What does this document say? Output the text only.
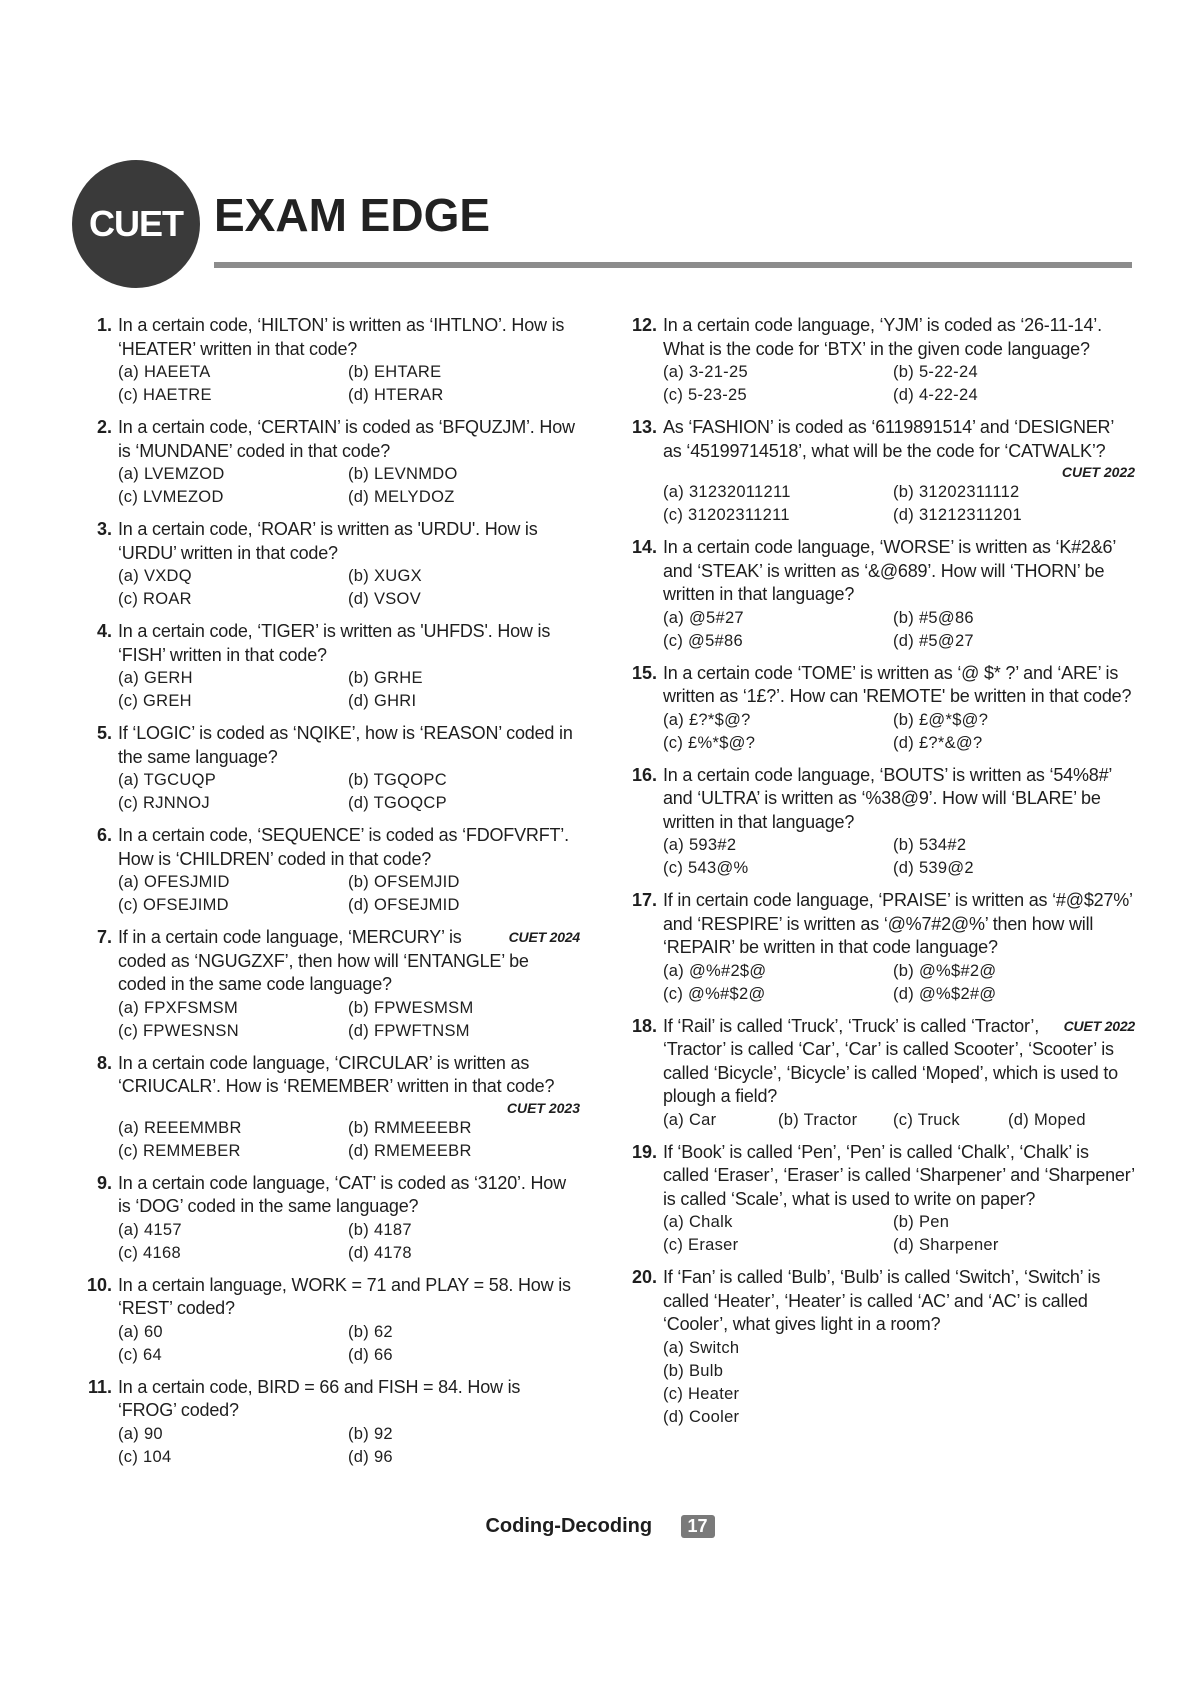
CUET EXAM EDGE
1. In a certain code, ‘HILTON’ is written as ‘IHTLNO’. How is ‘HEATER’ written in that code?
(a) HAEETA	(b) EHTARE
(c) HAETRE	(d) HTERAR
2. In a certain code, ‘CERTAIN’ is coded as ‘BFQUZJM’. How is ‘MUNDANE’ coded in that code?
(a) LVEMZOD	(b) LEVNMDO
(c) LVMEZOD	(d) MELYDOZ
3. In a certain code, ‘ROAR’ is written as 'URDU'. How is ‘URDU’ written in that code?
(a) VXDQ	(b) XUGX
(c) ROAR	(d) VSOV
4. In a certain code, ‘TIGER’ is written as 'UHFDS'. How is ‘FISH’ written in that code?
(a) GERH	(b) GRHE
(c) GREH	(d) GHRI
5. If ‘LOGIC’ is coded as ‘NQIKE’, how is ‘REASON’ coded in the same language?
(a) TGCUQP	(b) TGQOPC
(c) RJNNOJ	(d) TGOQCP
6. In a certain code, ‘SEQUENCE’ is coded as ‘FDOFVRFT’. How is ‘CHILDREN’ coded in that code?
(a) OFESJMID	(b) OFSEMJID
(c) OFSEJIMD	(d) OFSEJMID
7.	CUET 2024
If in a certain code language, ‘MERCURY’ is coded as ‘NGUGZXF’, then how will ‘ENTANGLE’ be coded in the same code language?
(a) FPXFSMSM	(b) FPWESMSM
(c) FPWESNSN	(d) FPWFTNSM
8. In a certain code language, ‘CIRCULAR’ is written as ‘CRIUCALR’. How is ‘REMEMBER’ written in that code?
CUET 2023
(a) REEEMMBR	(b) RMMEEEBR
(c) REMMEBER	(d) RMEMEEBR
9. In a certain code language, ‘CAT’ is coded as ‘3120’. How is ‘DOG’ coded in the same language?
(a) 4157	(b) 4187
(c) 4168	(d) 4178
10. In a certain language, WORK = 71 and PLAY = 58. How is ‘REST’ coded?
(a) 60	(b) 62
(c) 64	(d) 66
11. In a certain code, BIRD = 66 and FISH = 84. How is ‘FROG’ coded?
(a) 90	(b) 92
(c) 104	(d) 96
12. In a certain code language, ‘YJM’ is coded as ‘26-11-14’. What is the code for ‘BTX’ in the given code language?
(a) 3-21-25	(b) 5-22-24
(c) 5-23-25	(d) 4-22-24
13. As ‘FASHION’ is coded as ‘6119891514’ and ‘DESIGNER’ as ‘45199714518’, what will be the code for ‘CATWALK’?
CUET 2022
(a) 31232011211	(b) 31202311112
(c) 31202311211	(d) 31212311201
14. In a certain code language, ‘WORSE’ is written as ‘K#2&6’ and ‘STEAK’ is written as ‘&@689’. How will ‘THORN’ be written in that language?
(a) @5#27	(b) #5@86
(c) @5#86	(d) #5@27
15. In a certain code ‘TOME’ is written as ‘@ $* ?’ and ‘ARE’ is written as ‘1£?’. How can 'REMOTE' be written in that code?
(a) £?*$@?	(b) £@*$@?
(c) £%*$@?	(d) £?*&@?
16. In a certain code language, ‘BOUTS’ is written as ‘54%8#’ and ‘ULTRA’ is written as ‘%38@9’. How will ‘BLARE’ be written in that language?
(a) 593#2	(b) 534#2
(c) 543@%	(d) 539@2
17. If in certain code language, ‘PRAISE’ is written as ‘#@$27%’ and ‘RESPIRE’ is written as ‘@%7#2@%’ then how will ‘REPAIR’ be written in that code language?
(a) @%#2$@	(b) @%$#2@
(c) @%#$2@	(d) @%$2#@
18.	CUET 2022
If ‘Rail’ is called ‘Truck’, ‘Truck’ is called ‘Tractor’, ‘Tractor’ is called ‘Car’, ‘Car’ is called Scooter’, ‘Scooter’ is called ‘Bicycle’, ‘Bicycle’ is called ‘Moped’, which is used to plough a field?
(a) Car	(b) Tractor	(c) Truck	(d) Moped
19. If ‘Book’ is called ‘Pen’, ‘Pen’ is called ‘Chalk’, ‘Chalk’ is called ‘Eraser’, ‘Eraser’ is called ‘Sharpener’ and ‘Sharpener’ is called ‘Scale’, what is used to write on paper?
(a) Chalk	(b) Pen
(c) Eraser	(d) Sharpener
20. If ‘Fan’ is called ‘Bulb’, ‘Bulb’ is called ‘Switch’, ‘Switch’ is called ‘Heater’, ‘Heater’ is called ‘AC’ and ‘AC’ is called ‘Cooler’, what gives light in a room?
(a) Switch
(b) Bulb
(c) Heater
(d) Cooler
Coding-Decoding 17
